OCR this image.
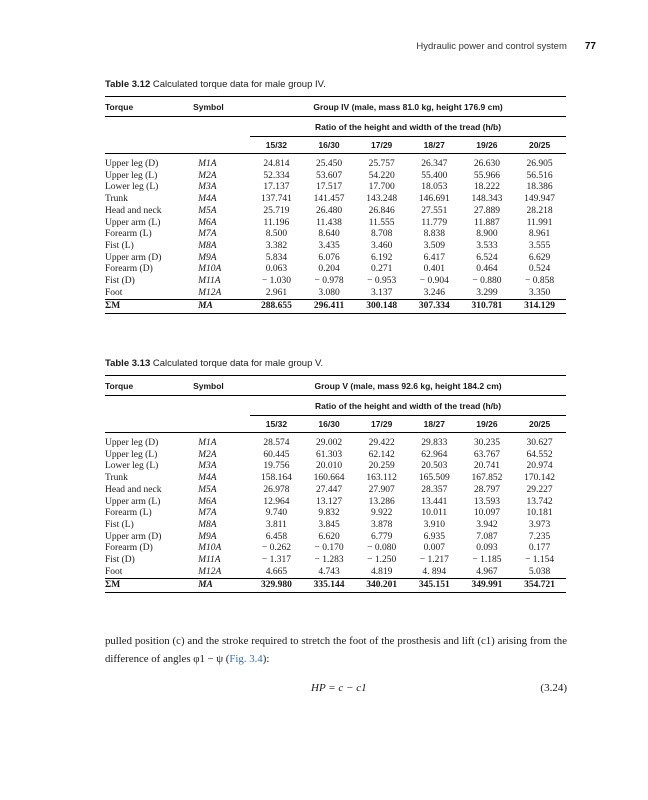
Hydraulic power and control system 77
Table 3.12 Calculated torque data for male group IV.
Torque	Symbol	Group IV (male, mass 81.0 kg, height 176.9 cm)					
		Ratio of the height and width of the tread (h/b)					
		15/32	16/30	17/29	18/27	19/26	20/25
Upper leg (D)	M1A	24.814	25.450	25.757	26.347	26.630	26.905
Upper leg (L)	M2A	52.334	53.607	54.220	55.400	55.966	56.516
Lower leg (L)	M3A	17.137	17.517	17.700	18.053	18.222	18.386
Trunk	M4A	137.741	141.457	143.248	146.691	148.343	149.947
Head and neck	M5A	25.719	26.480	26.846	27.551	27.889	28.218
Upper arm (L)	M6A	11.196	11.438	11.555	11.779	11.887	11.991
Forearm (L)	M7A	8.500	8.640	8.708	8.838	8.900	8.961
Fist (L)	M8A	3.382	3.435	3.460	3.509	3.533	3.555
Upper arm (D)	M9A	5.834	6.076	6.192	6.417	6.524	6.629
Forearm (D)	M10A	0.063	0.204	0.271	0.401	0.464	0.524
Fist (D)	M11A	− 1.030	− 0.978	− 0.953	− 0.904	− 0.880	− 0.858
Foot	M12A	2.961	3.080	3.137	3.246	3.299	3.350
ΣM	MA	288.655	296.411	300.148	307.334	310.781	314.129
Table 3.13 Calculated torque data for male group V.
Torque	Symbol	Group V (male, mass 92.6 kg, height 184.2 cm)					
		Ratio of the height and width of the tread (h/b)					
		15/32	16/30	17/29	18/27	19/26	20/25
Upper leg (D)	M1A	28.574	29.002	29.422	29.833	30.235	30.627
Upper leg (L)	M2A	60.445	61.303	62.142	62.964	63.767	64.552
Lower leg (L)	M3A	19.756	20.010	20.259	20.503	20.741	20.974
Trunk	M4A	158.164	160.664	163.112	165.509	167.852	170.142
Head and neck	M5A	26.978	27.447	27.907	28.357	28.797	29.227
Upper arm (L)	M6A	12.964	13.127	13.286	13.441	13.593	13.742
Forearm (L)	M7A	9.740	9.832	9.922	10.011	10.097	10.181
Fist (L)	M8A	3.811	3.845	3.878	3.910	3.942	3.973
Upper arm (D)	M9A	6.458	6.620	6.779	6.935	7.087	7.235
Forearm (D)	M10A	− 0.262	− 0.170	− 0.080	0.007	0.093	0.177
Fist (D)	M11A	− 1.317	− 1.283	− 1.250	− 1.217	− 1.185	− 1.154
Foot	M12A	4.665	4.743	4.819	4. 894	4.967	5.038
ΣM	MA	329.980	335.144	340.201	345.151	349.991	354.721
pulled position (c) and the stroke required to stretch the foot of the prosthesis and lift (c1) arising from the difference of angles φ1 − ψ (Fig. 3.4):
HP = c − c1	(3.24)
